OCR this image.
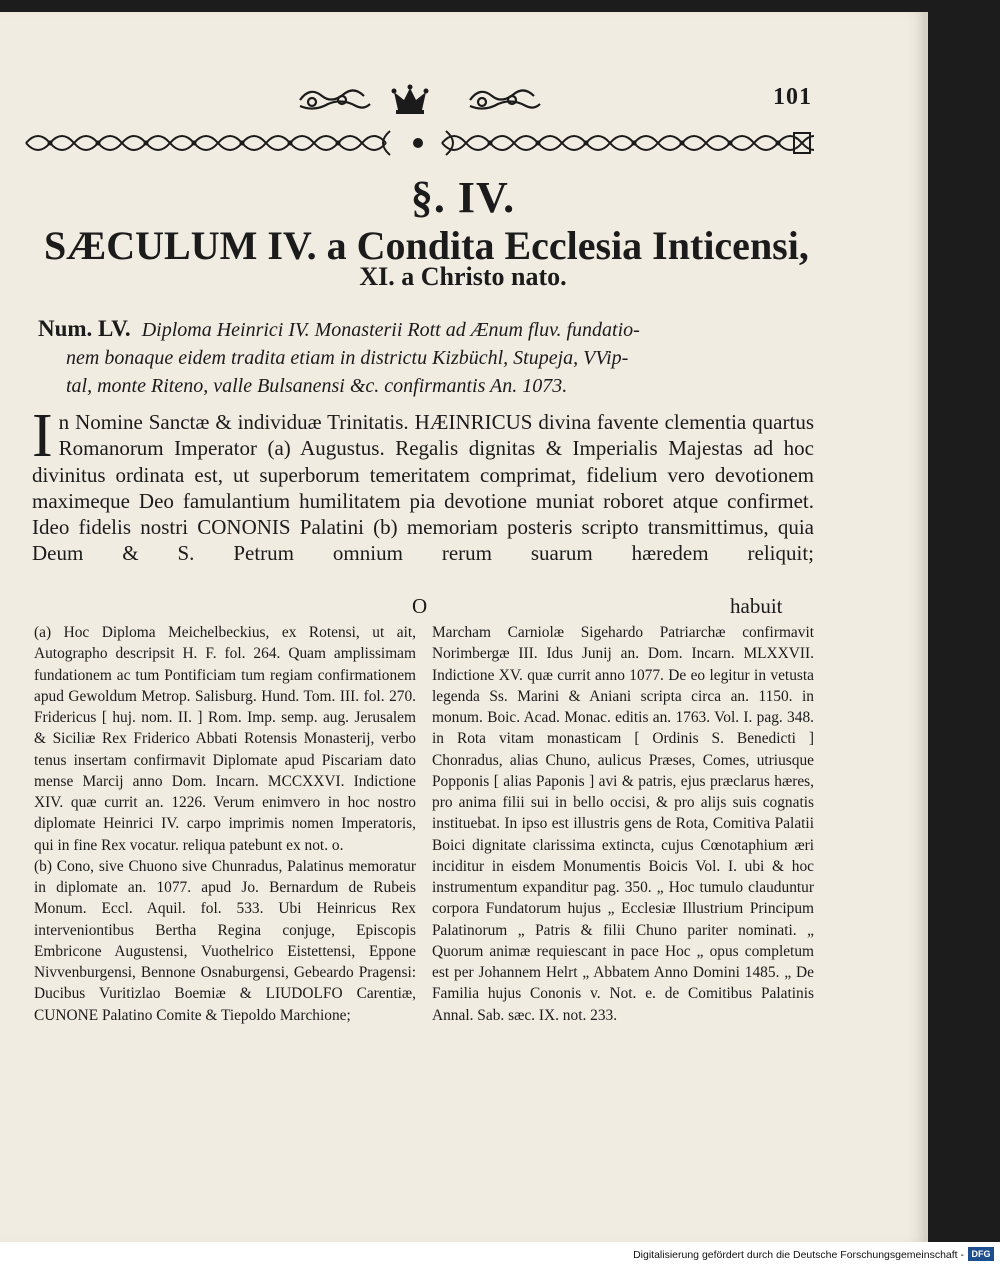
101
§. IV.
SÆCULUM IV. a Condita Ecclesia Inticensi,
XI. a Christo nato.
Num. LV. Diploma Heinrici IV. Monasterii Rott ad Ænum fluv. fundatio-
nem bonaque eidem tradita etiam in districtu Kizbüchl, Stupeja, VVip-
tal, monte Riteno, valle Bulsanensi &c. confirmantis An. 1073.
In Nomine Sanctæ & individuæ Trinitatis. HÆINRICUS divina favente clementia quartus Romanorum Imperator (a) Augustus. Regalis dignitas & Imperialis Majestas ad hoc divinitus ordinata est, ut superborum temeritatem comprimat, fidelium vero devotionem maximeque Deo famulantium humilitatem pia devotione muniat roboret atque confirmet. Ideo fidelis nostri CONONIS Palatini (b) memoriam posteris scripto transmittimus, quia Deum & S. Petrum omnium rerum suarum hæredem reliquit;
O	habuit

(a) Hoc Diploma Meichelbeckius, ex Rotensi, ut ait, Autographo descripsit H. F. fol. 264. Quam amplissimam fundationem ac tum Pontificiam tum regiam confirmationem apud Gewoldum Metrop. Salisburg. Hund. Tom. III. fol. 270. Fridericus [ huj. nom. II. ] Rom. Imp. semp. aug. Jerusalem & Siciliæ Rex Friderico Abbati Rotensis Monasterij, verbo tenus insertam confirmavit Diplomate apud Piscariam dato mense Marcij anno Dom. Incarn. MCCXXVI. Indictione XIV. quæ currit an. 1226. Verum enimvero in hoc nostro diplomate Heinrici IV. carpo imprimis nomen Imperatoris, qui in fine Rex vocatur. reliqua patebunt ex not. o.

(b) Cono, sive Chuono sive Chunradus, Palatinus memoratur in diplomate an. 1077. apud Jo. Bernardum de Rubeis Monum. Eccl. Aquil. fol. 533. Ubi Heinricus Rex interveniontibus Bertha Regina conjuge, Episcopis Embricone Augustensi, Vuothelrico Eistettensi, Eppone Nivvenburgensi, Bennone Osnaburgensi, Gebeardo Pragensi: Ducibus Vuritizlao Boemiæ & LIUDOLFO Carentiæ, CUNONE Palatino Comite & Tiepoldo Marchione;

Marcham Carniolæ Sigehardo Patriarchæ confirmavit Norimbergæ III. Idus Junij an. Dom. Incarn. MLXXVII. Indictione XV. quæ currit anno 1077. De eo legitur in vetusta legenda Ss. Marini & Aniani scripta circa an. 1150. in monum. Boic. Acad. Monac. editis an. 1763. Vol. I. pag. 348. in Rota vitam monasticam [ Ordinis S. Benedicti ] Chonradus, alias Chuno, aulicus Præses, Comes, utriusque Popponis [ alias Paponis ] avi & patris, ejus præclarus hæres, pro anima filii sui in bello occisi, & pro alijs suis cognatis instituebat. In ipso est illustris gens de Rota, Comitiva Palatii Boici dignitate clarissima extincta, cujus Cœnotaphium æri inciditur in eisdem Monumentis Boicis Vol. I. ubi & hoc instrumentum expanditur pag. 350. „ Hoc tumulo clauduntur corpora Fundatorum hujus „ Ecclesiæ Illustrium Principum Palatinorum „ Patris & filii Chuno pariter nominati. „ Quorum animæ requiescant in pace Hoc „ opus completum est per Johannem Helrt „ Abbatem Anno Domini 1485. „ De Familia hujus Cononis v. Not. e. de Comitibus Palatinis Annal. Sab. sæc. IX. not. 233.

Digitalisierung gefördert durch die Deutsche Forschungsgemeinschaft - DFG
